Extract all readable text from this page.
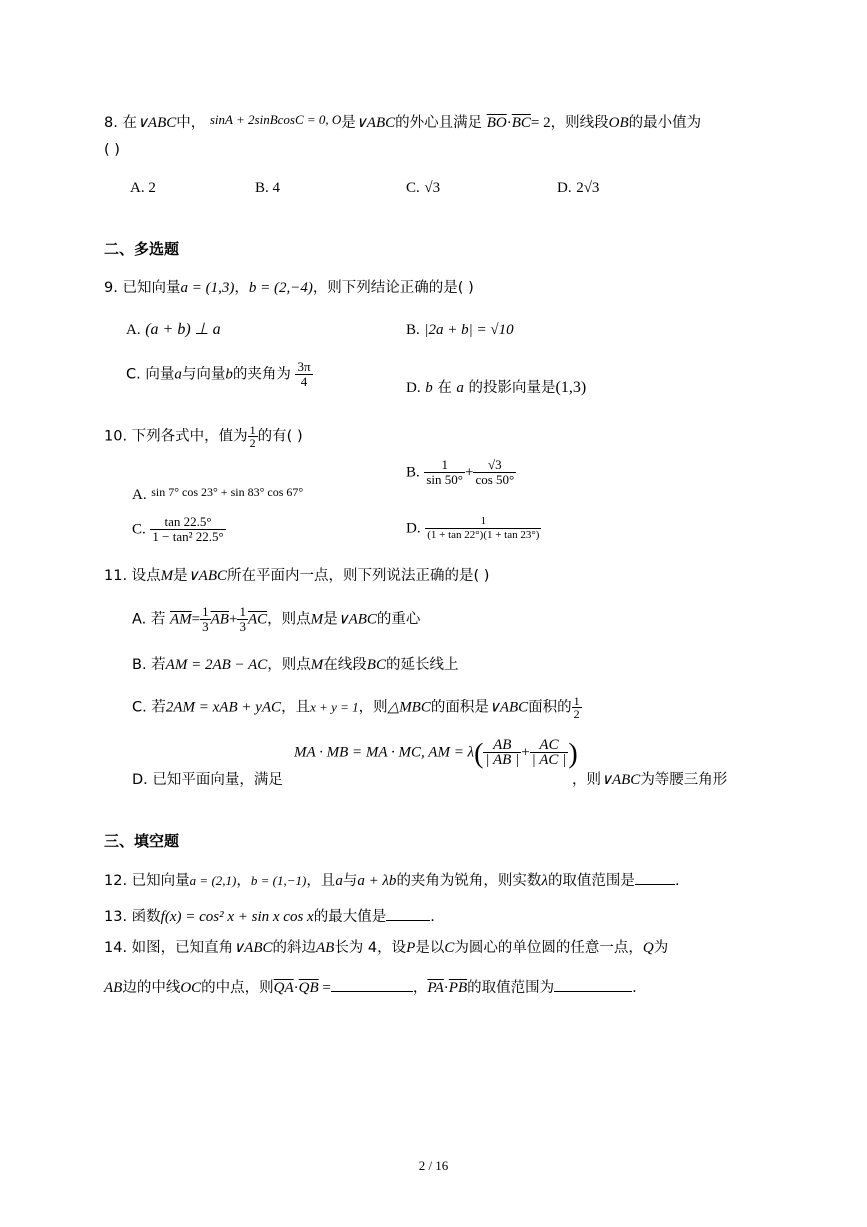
8. 在∨ABC中， sinA + 2sinBcosC = 0, O是∨ABC的外心且满足 $\overline{BO}\cdot\overline{BC}= 2$，则线段OB的最小值为
( )
A. 2	B. 4	C. √3	D. 2√3
二、多选题
9. 已知向量a = (1,3)，b = (2,−4)，则下列结论正确的是( )
A. (a + b) ⊥ a	B. |2a + b| = √10
C. 向量a与向量b的夹角为 $\frac{3\pi}{4}$	D. b 在 a 的投影向量是(1,3)
10. 下列各式中，值为 $\frac{1}{2}$ 的有( )
A. $^{sin 7^\circ cos 23^\circ + sin 83^\circ cos 67^\circ}$
B. $\frac{1}{\sin 50^\circ} + \frac{√3}{\cos 50^\circ}$
C. $\frac{\tan 22.5^\circ}{\text{1 − tan² 22.5°}}$	D. $\frac{1}{(1 + \tan 22^\circ)(1 + \tan 23^\circ)}$
11. 设点M是∨ABC所在平面内一点，则下列说法正确的是( )
A. 若 $\overline{AM}= \frac{1}{3} \overline{AB}+ \frac{1}{3} \overline{AC}$，则点M是∨ABC的重心
B. 若AM = 2AB − AC，则点M在线段BC的延长线上
C. 若2AM = xAB + yAC，且x + y = 1，则△MBC的面积是∨ABC面积的 $\frac{1}{2}$
MA · MB = MA · MC, AM = $\lambda( \frac{AB}{| AB |} + \frac{AC}{| AC |}$ )
D. 已知平面向量，满足	，则∨ABC为等腰三角形
三、填空题
12. 已知向量a = (2,1)，b = (1,−1)，且a与a + λb的夹角为锐角，则实数λ的取值范围是	.
13. 函数f(x) = cos² x + sin x cos x的最大值是	.
14. 如图，已知直角∨ABC的斜边AB长为 4，设P是以C为圆心的单位圆的任意一点，Q为
AB边的中线OC的中点，则$\overline{QA}\cdot\overline{QB}$ =	，$\overline{PA}\cdot\overline{PB}$的取值范围为	.
2 / 16
